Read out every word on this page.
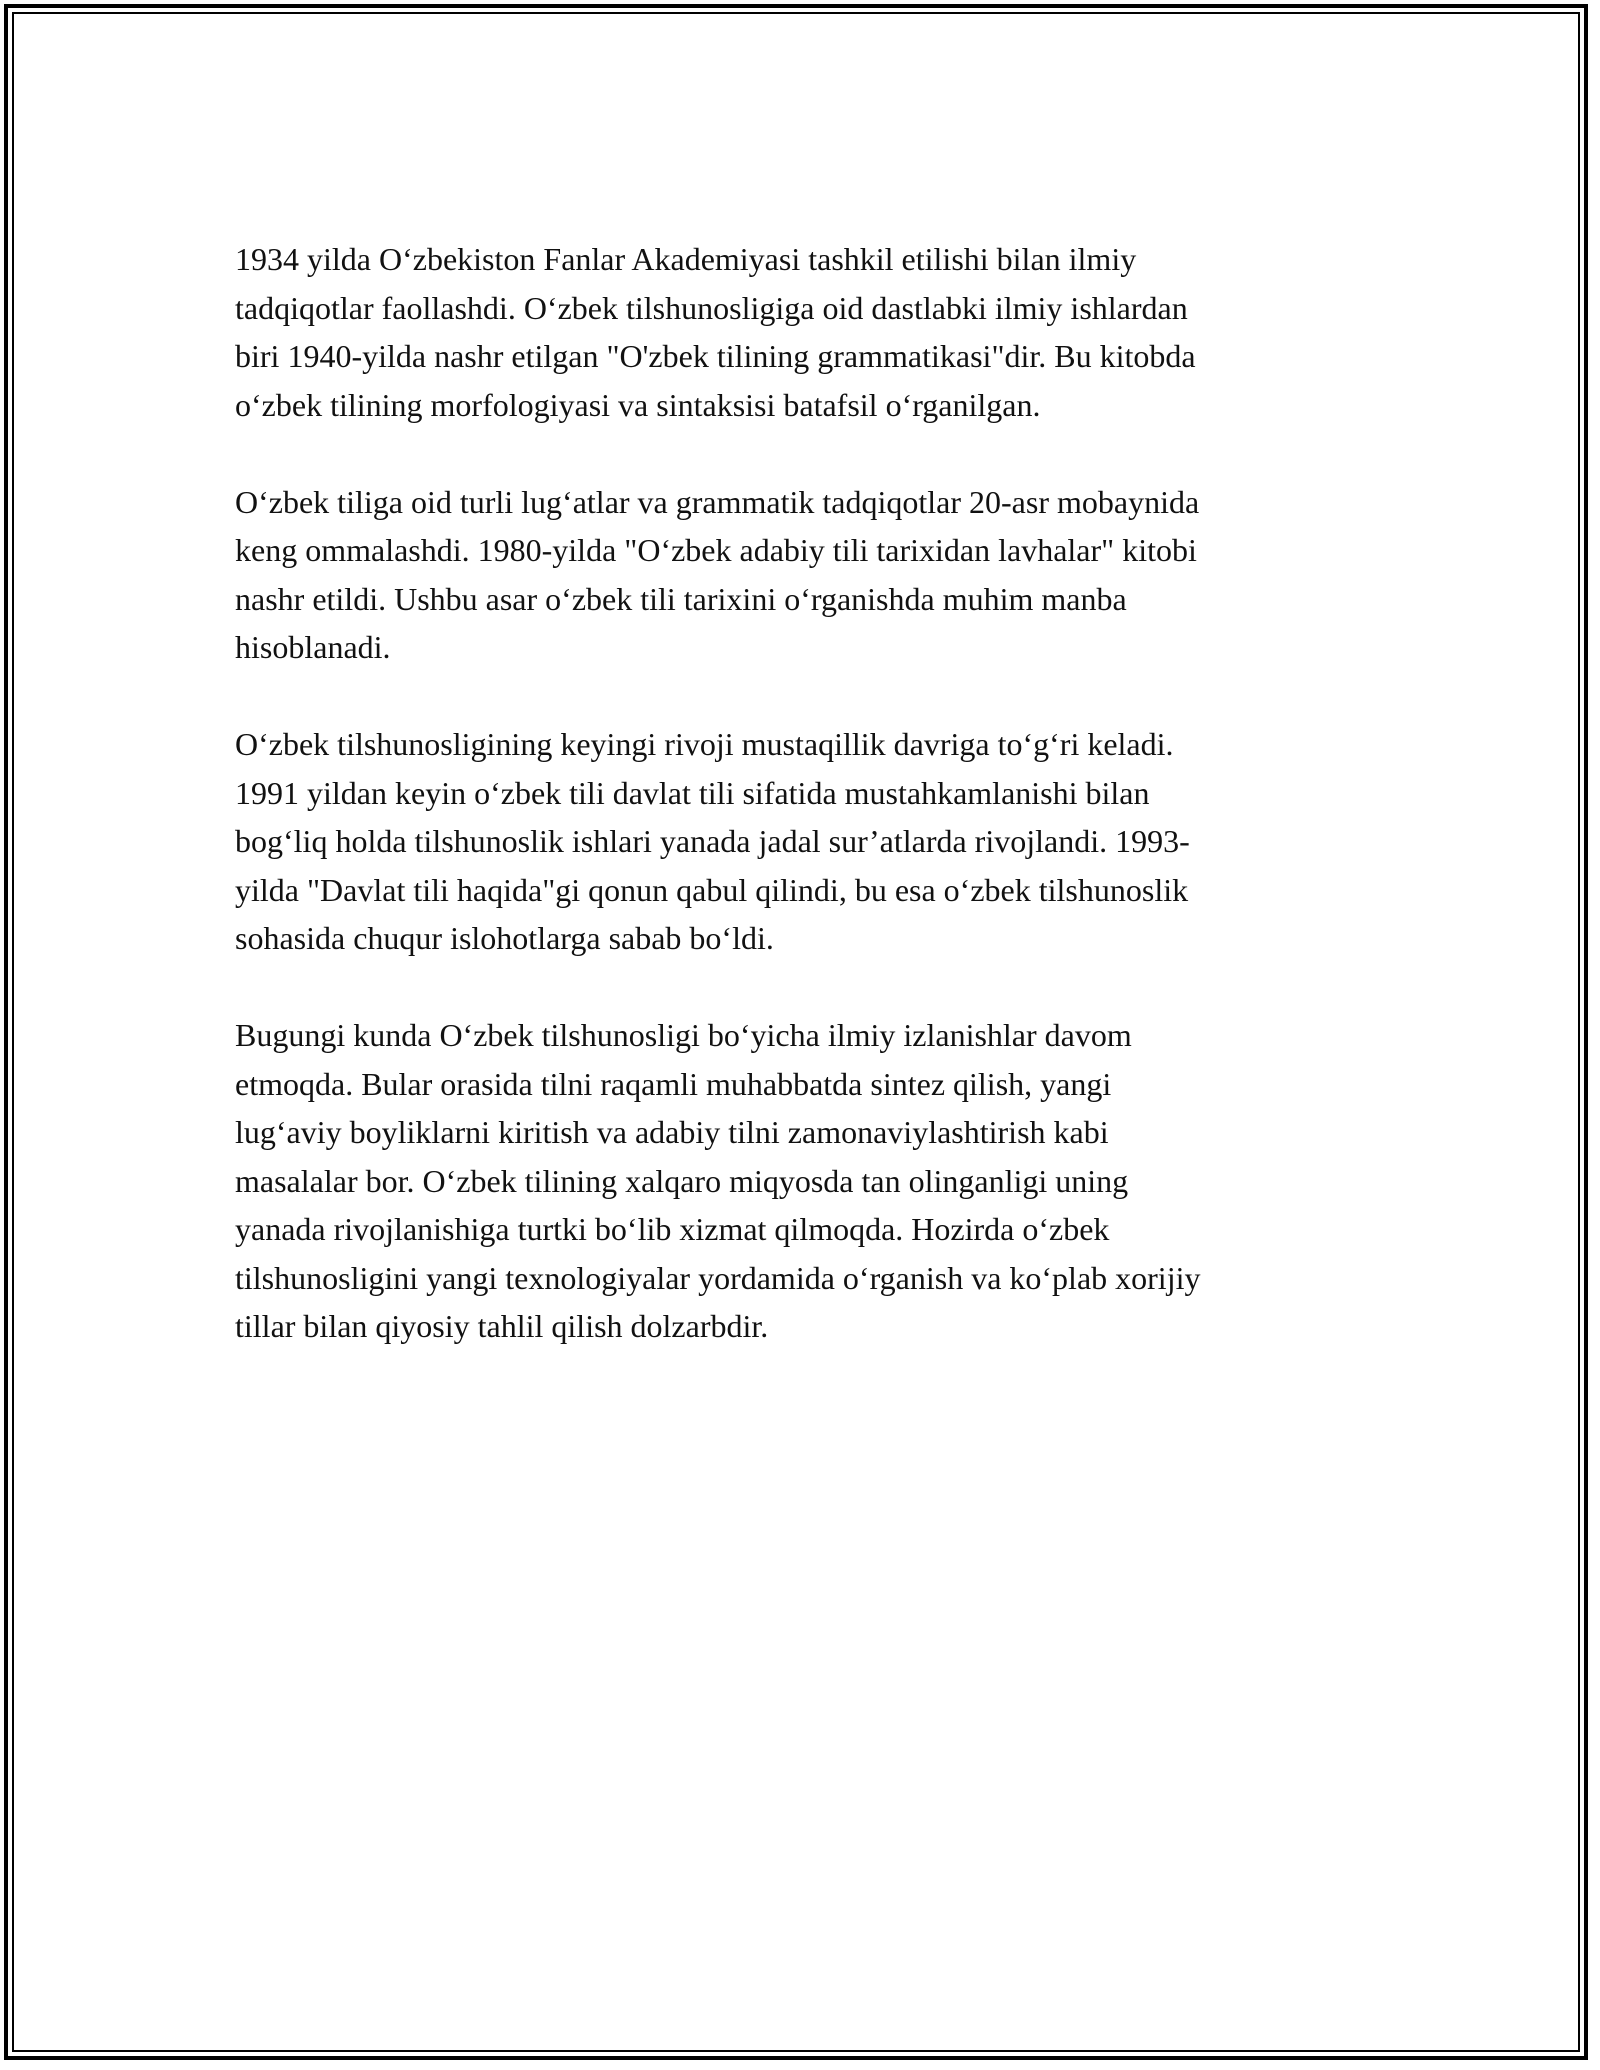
1934 yilda O‘zbekiston Fanlar Akademiyasi tashkil etilishi bilan ilmiy
tadqiqotlar faollashdi. O‘zbek tilshunosligiga oid dastlabki ilmiy ishlardan
biri 1940-yilda nashr etilgan "O'zbek tilining grammatikasi"dir. Bu kitobda
o‘zbek tilining morfologiyasi va sintaksisi batafsil o‘rganilgan.

O‘zbek tiliga oid turli lug‘atlar va grammatik tadqiqotlar 20-asr mobaynida
keng ommalashdi. 1980-yilda "O‘zbek adabiy tili tarixidan lavhalar" kitobi
nashr etildi. Ushbu asar o‘zbek tili tarixini o‘rganishda muhim manba
hisoblanadi.

O‘zbek tilshunosligining keyingi rivoji mustaqillik davriga to‘g‘ri keladi.
1991 yildan keyin o‘zbek tili davlat tili sifatida mustahkamlanishi bilan
bog‘liq holda tilshunoslik ishlari yanada jadal sur’atlarda rivojlandi. 1993-
yilda "Davlat tili haqida"gi qonun qabul qilindi, bu esa o‘zbek tilshunoslik
sohasida chuqur islohotlarga sabab bo‘ldi.

Bugungi kunda O‘zbek tilshunosligi bo‘yicha ilmiy izlanishlar davom
etmoqda. Bular orasida tilni raqamli muhabbatda sintez qilish, yangi
lug‘aviy boyliklarni kiritish va adabiy tilni zamonaviylashtirish kabi
masalalar bor. O‘zbek tilining xalqaro miqyosda tan olinganligi uning
yanada rivojlanishiga turtki bo‘lib xizmat qilmoqda. Hozirda o‘zbek
tilshunosligini yangi texnologiyalar yordamida o‘rganish va ko‘plab xorijiy
tillar bilan qiyosiy tahlil qilish dolzarbdir.
